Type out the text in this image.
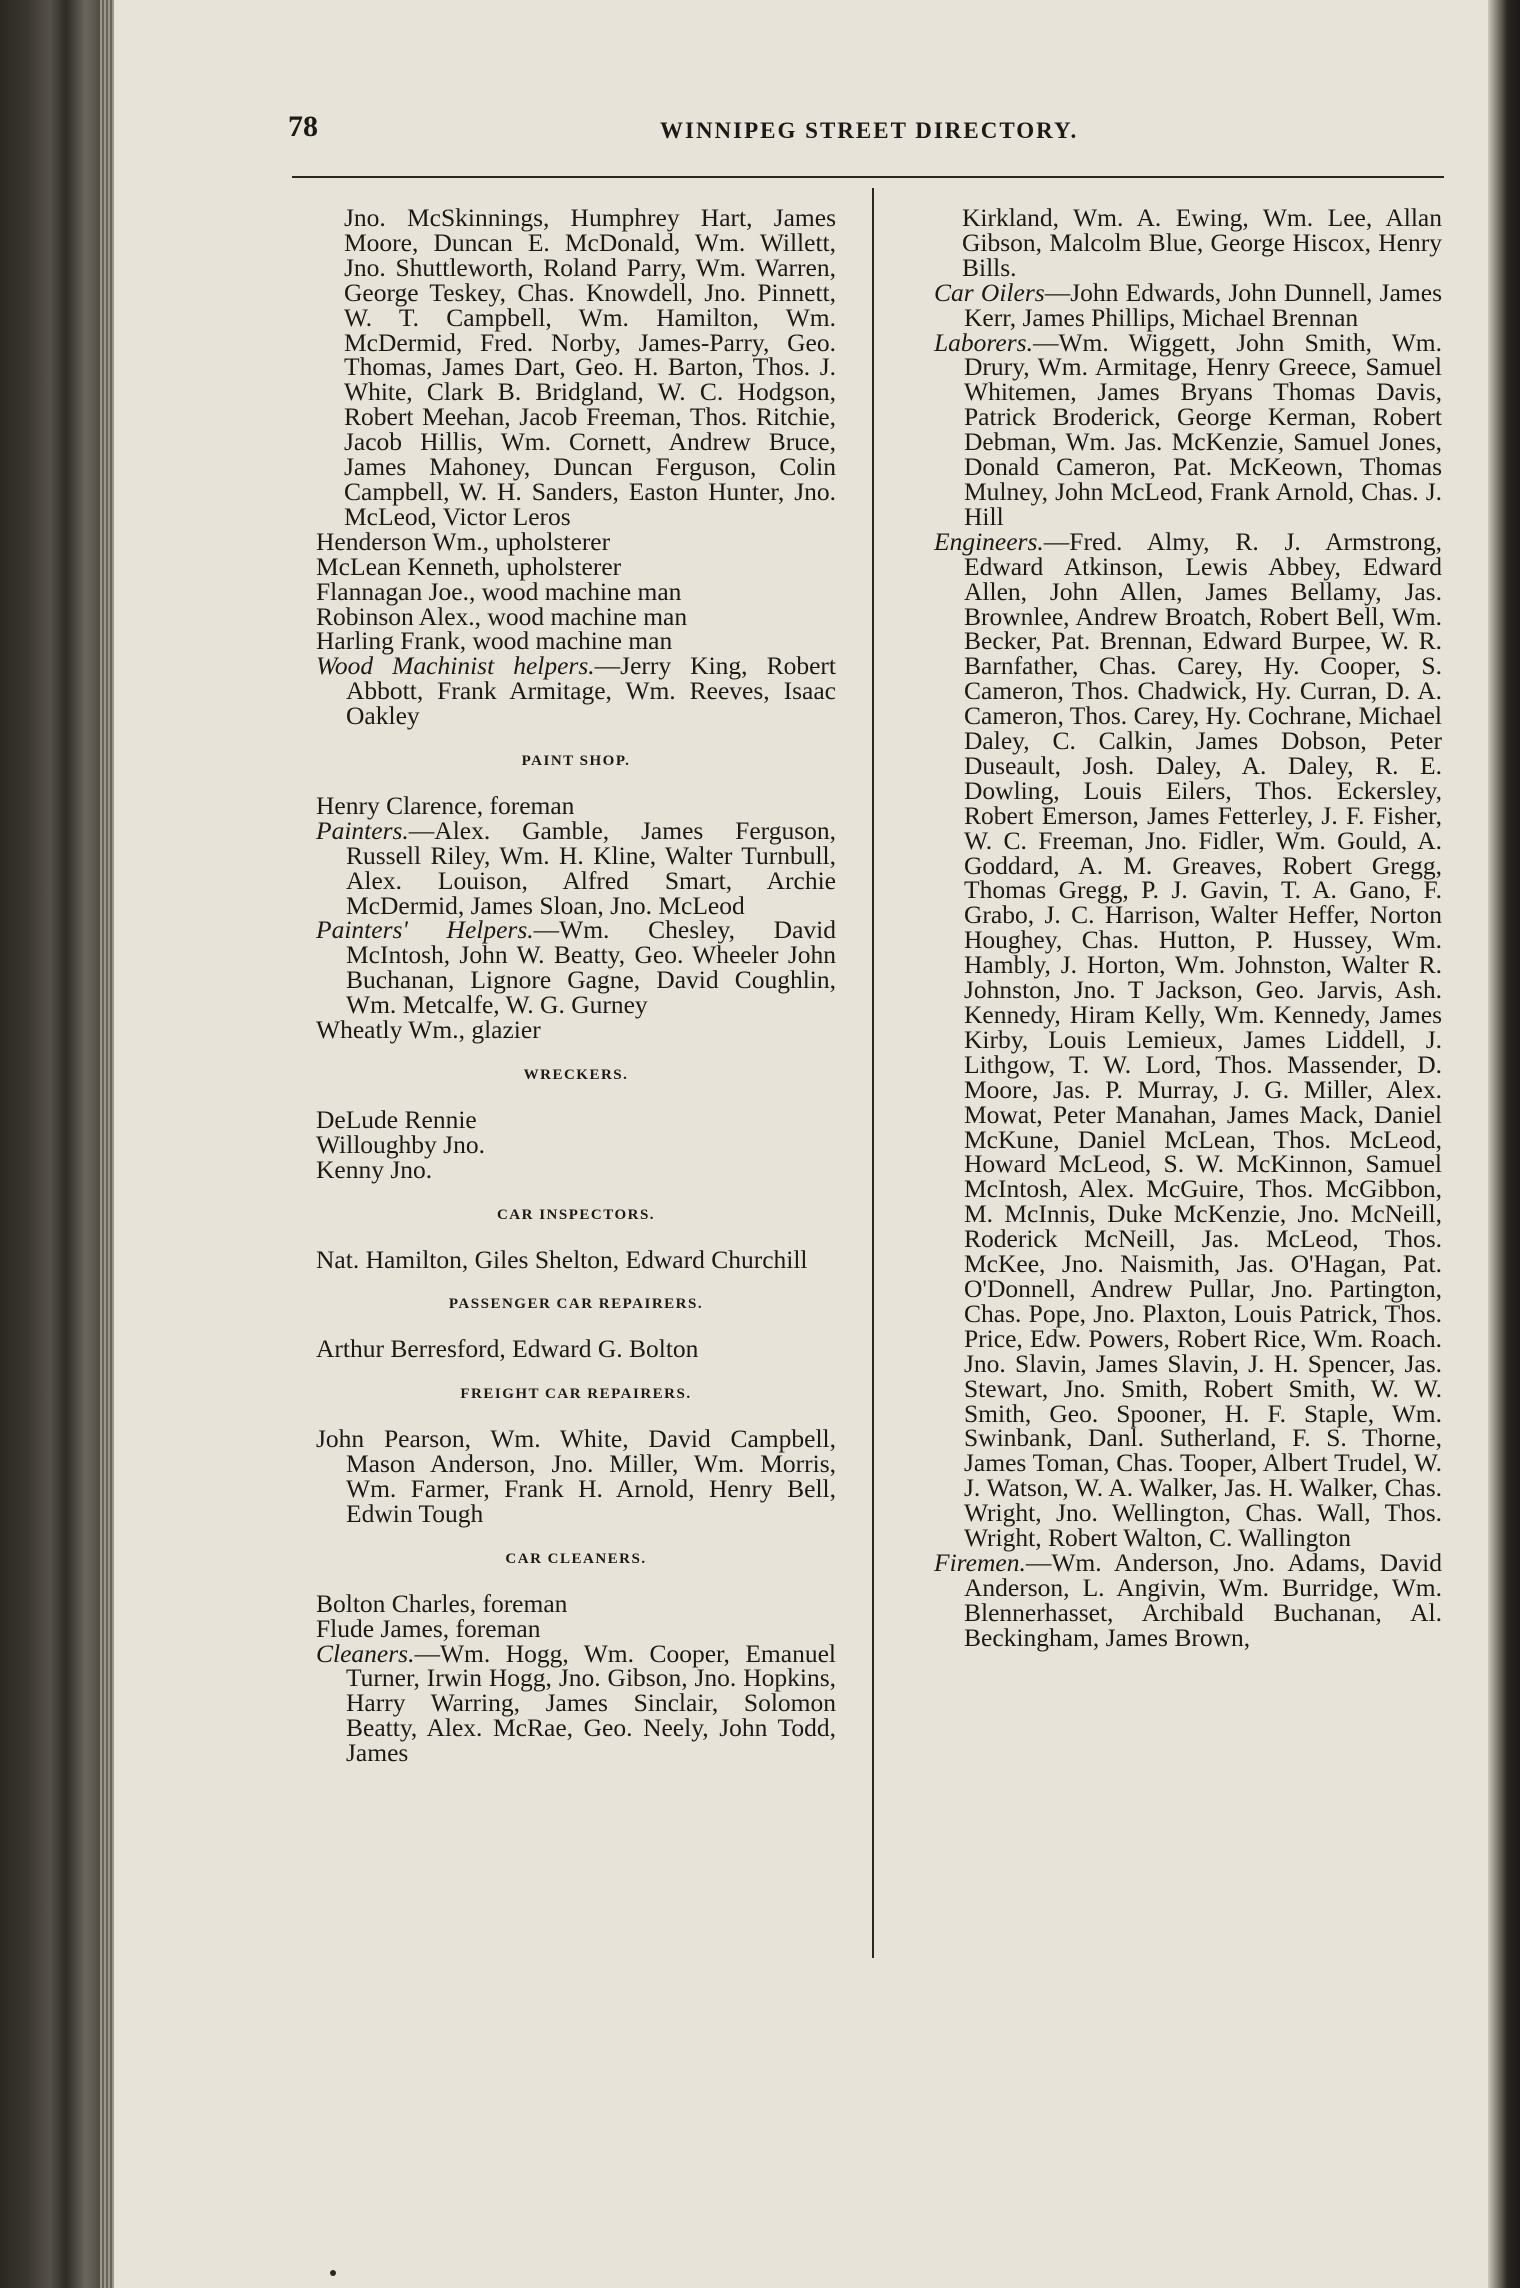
78	WINNIPEG STREET DIRECTORY.

Jno. McSkinnings, Humphrey Hart, James Moore, Duncan E. McDonald, Wm. Willett, Jno. Shuttleworth, Roland Parry, Wm. Warren, George Teskey, Chas. Knowdell, Jno. Pinnett, W. T. Campbell, Wm. Hamilton, Wm. McDermid, Fred. Norby, James-Parry, Geo. Thomas, James Dart, Geo. H. Barton, Thos. J. White, Clark B. Bridgland, W. C. Hodgson, Robert Meehan, Jacob Freeman, Thos. Ritchie, Jacob Hillis, Wm. Cornett, Andrew Bruce, James Mahoney, Duncan Ferguson, Colin Campbell, W. H. Sanders, Easton Hunter, Jno. McLeod, Victor Leros

Henderson Wm., upholsterer

McLean Kenneth, upholsterer

Flannagan Joe., wood machine man

Robinson Alex., wood machine man

Harling Frank, wood machine man

Wood Machinist helpers.—Jerry King, Robert Abbott, Frank Armitage, Wm. Reeves, Isaac Oakley

PAINT SHOP.

Henry Clarence, foreman

Painters.—Alex. Gamble, James Ferguson, Russell Riley, Wm. H. Kline, Walter Turnbull, Alex. Louison, Alfred Smart, Archie McDermid, James Sloan, Jno. McLeod

Painters' Helpers.—Wm. Chesley, David McIntosh, John W. Beatty, Geo. Wheeler John Buchanan, Lignore Gagne, David Coughlin, Wm. Metcalfe, W. G. Gurney

Wheatly Wm., glazier

WRECKERS.

DeLude Rennie

Willoughby Jno.

Kenny Jno.

CAR INSPECTORS.

Nat. Hamilton, Giles Shelton, Edward Churchill

PASSENGER CAR REPAIRERS.

Arthur Berresford, Edward G. Bolton

FREIGHT CAR REPAIRERS.

John Pearson, Wm. White, David Campbell, Mason Anderson, Jno. Miller, Wm. Morris, Wm. Farmer, Frank H. Arnold, Henry Bell, Edwin Tough

CAR CLEANERS.

Bolton Charles, foreman

Flude James, foreman

Cleaners.—Wm. Hogg, Wm. Cooper, Emanuel Turner, Irwin Hogg, Jno. Gibson, Jno. Hopkins, Harry Warring, James Sinclair, Solomon Beatty, Alex. McRae, Geo. Neely, John Todd, James

Kirkland, Wm. A. Ewing, Wm. Lee, Allan Gibson, Malcolm Blue, George Hiscox, Henry Bills.

Car Oilers—John Edwards, John Dunnell, James Kerr, James Phillips, Michael Brennan

Laborers.—Wm. Wiggett, John Smith, Wm. Drury, Wm. Armitage, Henry Greece, Samuel Whitemen, James Bryans Thomas Davis, Patrick Broderick, George Kerman, Robert Debman, Wm. Jas. McKenzie, Samuel Jones, Donald Cameron, Pat. McKeown, Thomas Mulney, John McLeod, Frank Arnold, Chas. J. Hill

Engineers.—Fred. Almy, R. J. Armstrong, Edward Atkinson, Lewis Abbey, Edward Allen, John Allen, James Bellamy, Jas. Brownlee, Andrew Broatch, Robert Bell, Wm. Becker, Pat. Brennan, Edward Burpee, W. R. Barnfather, Chas. Carey, Hy. Cooper, S. Cameron, Thos. Chadwick, Hy. Curran, D. A. Cameron, Thos. Carey, Hy. Cochrane, Michael Daley, C. Calkin, James Dobson, Peter Duseault, Josh. Daley, A. Daley, R. E. Dowling, Louis Eilers, Thos. Eckersley, Robert Emerson, James Fetterley, J. F. Fisher, W. C. Freeman, Jno. Fidler, Wm. Gould, A. Goddard, A. M. Greaves, Robert Gregg, Thomas Gregg, P. J. Gavin, T. A. Gano, F. Grabo, J. C. Harrison, Walter Heffer, Norton Houghey, Chas. Hutton, P. Hussey, Wm. Hambly, J. Horton, Wm. Johnston, Walter R. Johnston, Jno. T Jackson, Geo. Jarvis, Ash. Kennedy, Hiram Kelly, Wm. Kennedy, James Kirby, Louis Lemieux, James Liddell, J. Lithgow, T. W. Lord, Thos. Massender, D. Moore, Jas. P. Murray, J. G. Miller, Alex. Mowat, Peter Manahan, James Mack, Daniel McKune, Daniel McLean, Thos. McLeod, Howard McLeod, S. W. McKinnon, Samuel McIntosh, Alex. McGuire, Thos. McGibbon, M. McInnis, Duke McKenzie, Jno. McNeill, Roderick McNeill, Jas. McLeod, Thos. McKee, Jno. Naismith, Jas. O'Hagan, Pat. O'Donnell, Andrew Pullar, Jno. Partington, Chas. Pope, Jno. Plaxton, Louis Patrick, Thos. Price, Edw. Powers, Robert Rice, Wm. Roach. Jno. Slavin, James Slavin, J. H. Spencer, Jas. Stewart, Jno. Smith, Robert Smith, W. W. Smith, Geo. Spooner, H. F. Staple, Wm. Swinbank, Danl. Sutherland, F. S. Thorne, James Toman, Chas. Tooper, Albert Trudel, W. J. Watson, W. A. Walker, Jas. H. Walker, Chas. Wright, Jno. Wellington, Chas. Wall, Thos. Wright, Robert Walton, C. Wallington

Firemen.—Wm. Anderson, Jno. Adams, David Anderson, L. Angivin, Wm. Burridge, Wm. Blennerhasset, Archibald Buchanan, Al. Beckingham, James Brown,
